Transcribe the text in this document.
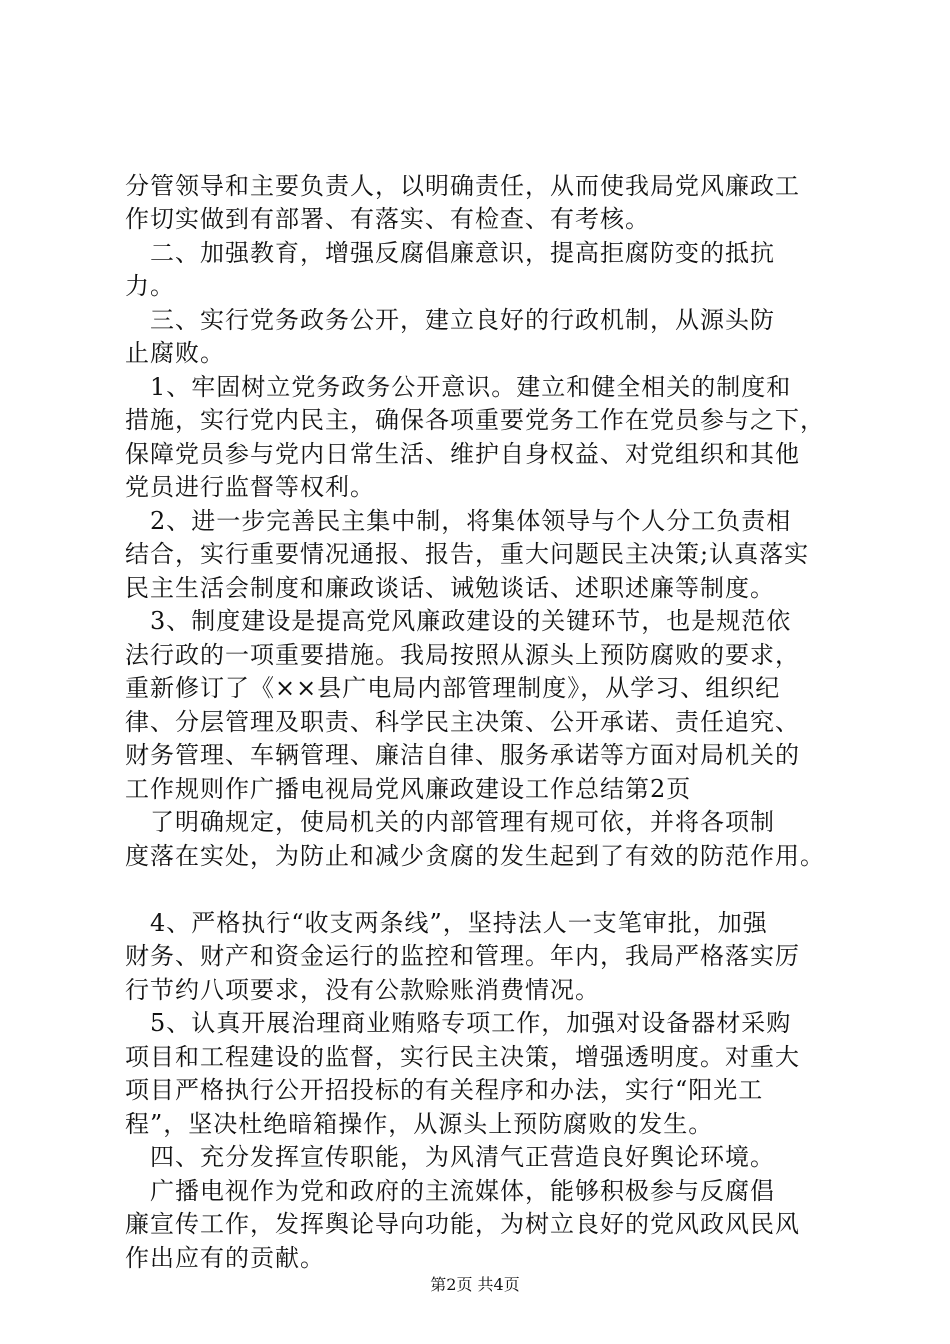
分管领导和主要负责人，以明确责任，从而使我局党风廉政工
作切实做到有部署、有落实、有检查、有考核。
　二、加强教育，增强反腐倡廉意识，提高拒腐防变的抵抗
力。
　三、实行党务政务公开，建立良好的行政机制，从源头防
止腐败。
　1、牢固树立党务政务公开意识。建立和健全相关的制度和
措施，实行党内民主，确保各项重要党务工作在党员参与之下，
保障党员参与党内日常生活、维护自身权益、对党组织和其他
党员进行监督等权利。
　2、进一步完善民主集中制，将集体领导与个人分工负责相
结合，实行重要情况通报、报告，重大问题民主决策;认真落实
民主生活会制度和廉政谈话、诫勉谈话、述职述廉等制度。
　3、制度建设是提高党风廉政建设的关键环节，也是规范依
法行政的一项重要措施。我局按照从源头上预防腐败的要求，
重新修订了《××县广电局内部管理制度》，从学习、组织纪
律、分层管理及职责、科学民主决策、公开承诺、责任追究、
财务管理、车辆管理、廉洁自律、服务承诺等方面对局机关的
工作规则作广播电视局党风廉政建设工作总结第2页
　了明确规定，使局机关的内部管理有规可依，并将各项制
度落在实处，为防止和减少贪腐的发生起到了有效的防范作用。
　4、严格执行“收支两条线”，坚持法人一支笔审批，加强
财务、财产和资金运行的监控和管理。年内，我局严格落实厉
行节约八项要求，没有公款赊账消费情况。
　5、认真开展治理商业贿赂专项工作，加强对设备器材采购
项目和工程建设的监督，实行民主决策，增强透明度。对重大
项目严格执行公开招投标的有关程序和办法，实行“阳光工
程”，坚决杜绝暗箱操作，从源头上预防腐败的发生。
　四、充分发挥宣传职能，为风清气正营造良好舆论环境。
　广播电视作为党和政府的主流媒体，能够积极参与反腐倡
廉宣传工作，发挥舆论导向功能，为树立良好的党风政风民风
作出应有的贡献。
第2页 共4页
